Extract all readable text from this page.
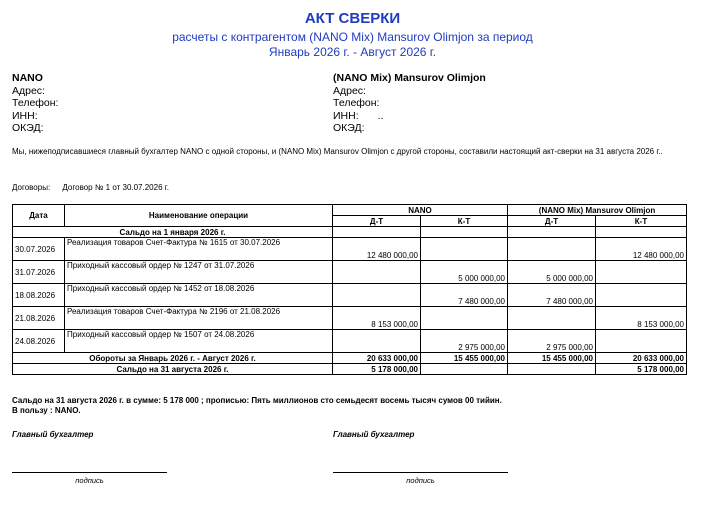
АКТ СВЕРКИ
расчеты с контрагентом (NANO Mix) Mansurov Olimjon за период
Январь 2026 г. - Август 2026 г.
NANO
Адрес:
Телефон:
ИНН:
ОКЭД:
(NANO Mix) Mansurov Olimjon
Адрес:
Телефон:
ИНН: ..
ОКЭД:
Мы, нижеподписавшиеся главный бухгалтер NANO с одной стороны, и (NANO Mix) Mansurov Olimjon с другой стороны, составили настоящий акт-сверки на 31 августа 2026 г..
Договоры: Договор № 1 от 30.07.2026 г.
Дата	Наименование операции	NANO		(NANO Mix) Mansurov Olimjon	
		Д-Т	К-Т	Д-Т	К-Т
Сальдо на 1 января 2026 г.					
30.07.2026	Реализация товаров Счет-Фактура № 1615 от 30.07.2026	12 480 000,00			12 480 000,00
31.07.2026	Приходный кассовый ордер № 1247 от 31.07.2026		5 000 000,00	5 000 000,00	
18.08.2026	Приходный кассовый ордер № 1452 от 18.08.2026		7 480 000,00	7 480 000,00	
21.08.2026	Реализация товаров Счет-Фактура № 2196 от 21.08.2026	8 153 000,00			8 153 000,00
24.08.2026	Приходный кассовый ордер № 1507 от 24.08.2026		2 975 000,00	2 975 000,00	
Обороты за Январь 2026 г. - Август 2026 г.		20 633 000,00	15 455 000,00	15 455 000,00	20 633 000,00
Сальдо на 31 августа 2026 г.		5 178 000,00			5 178 000,00
Сальдо на 31 августа 2026 г. в сумме: 5 178 000 ; прописью: Пять миллионов сто семьдесят восемь тысяч сумов 00 тийин.
В пользу : NANO.
Главный бухгалтер	Главный бухгалтер
подпись	подпись
